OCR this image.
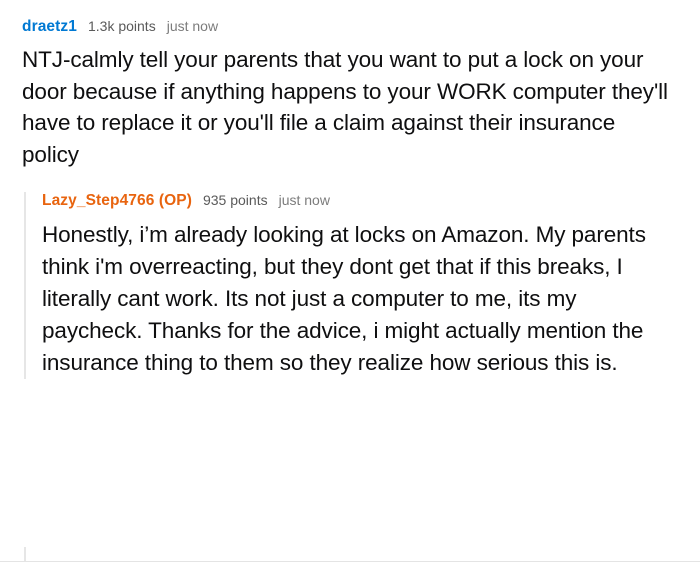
draetz1 1.3k points just now

NTJ-calmly tell your parents that you want to put a lock on your door because if anything happens to your WORK computer they'll have to replace it or you'll file a claim against their insurance policy

Lazy_Step4766 (OP) 935 points just now

Honestly, i’m already looking at locks on Amazon. My parents think i'm overreacting, but they dont get that if this breaks, I literally cant work. Its not just a computer to me, its my paycheck. Thanks for the advice, i might actually mention the insurance thing to them so they realize how serious this is.
